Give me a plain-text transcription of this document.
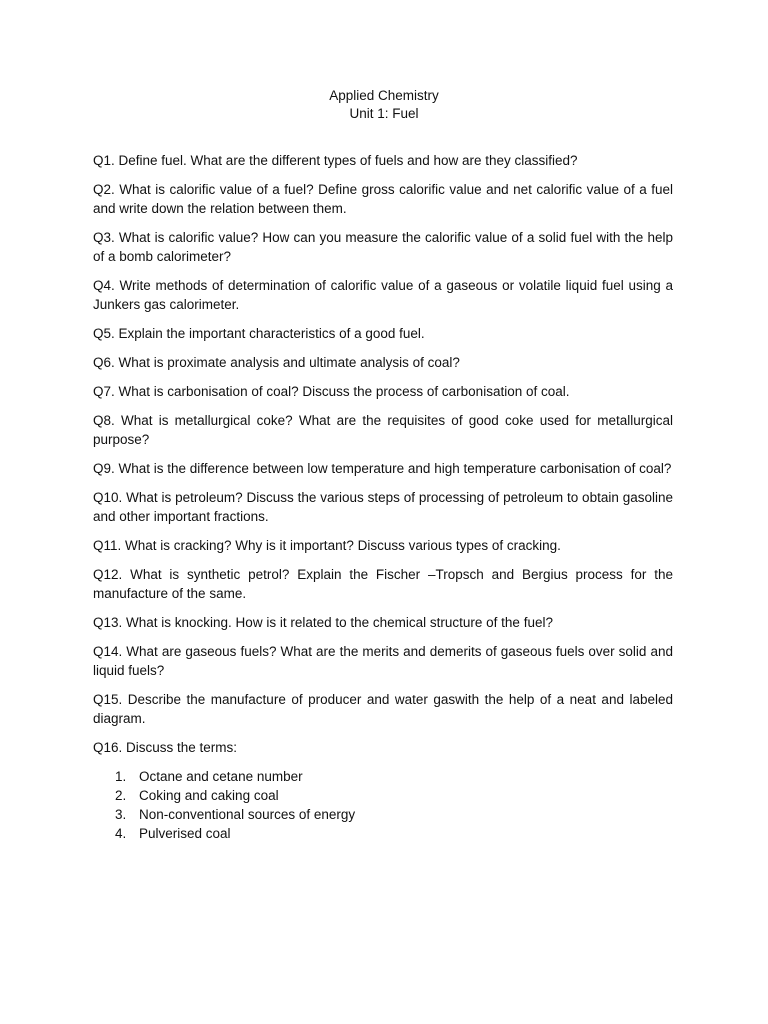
Applied Chemistry
Unit 1: Fuel

Q1. Define fuel. What are the different types of fuels and how are they classified?

Q2. What is calorific value of a fuel? Define gross calorific value and net calorific value of a fuel and write down the relation between them.

Q3. What is calorific value? How can you measure the calorific value of a solid fuel with the help of a bomb calorimeter?

Q4. Write methods of determination of calorific value of a gaseous or volatile liquid fuel using a Junkers gas calorimeter.

Q5. Explain the important characteristics of a good fuel.

Q6. What is proximate analysis and ultimate analysis of coal?

Q7. What is carbonisation of coal? Discuss the process of carbonisation of coal.

Q8. What is metallurgical coke? What are the requisites of good coke used for metallurgical purpose?

Q9. What is the difference between low temperature and high temperature carbonisation of coal?

Q10. What is petroleum? Discuss the various steps of processing of petroleum to obtain gasoline and other important fractions.

Q11. What is cracking? Why is it important? Discuss various types of cracking.

Q12. What is synthetic petrol? Explain the Fischer –Tropsch and Bergius process for the manufacture of the same.

Q13. What is knocking. How is it related to the chemical structure of the fuel?

Q14. What are gaseous fuels? What are the merits and demerits of gaseous fuels over solid and liquid fuels?

Q15. Describe the manufacture of producer and water gaswith the help of a neat and labeled diagram.

Q16. Discuss the terms:

1. Octane and cetane number
2. Coking and caking coal
3. Non-conventional sources of energy
4. Pulverised coal
